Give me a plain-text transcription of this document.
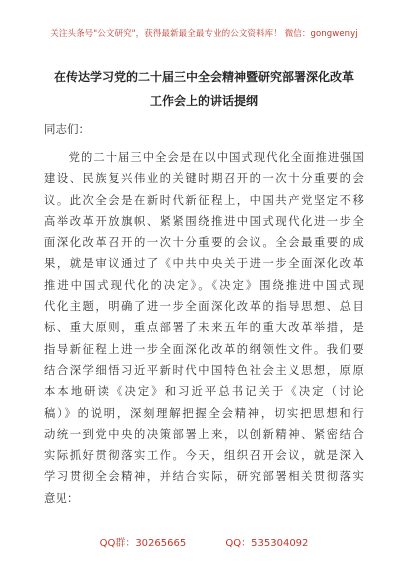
关注头条号"公文研究"，获得最新最全最专业的公文资料库！ 微信：gongwenyj
在传达学习党的二十届三中全会精神暨研究部署深化改革
工作会上的讲话提纲
同志们：
　　党的二十届三中全会是在以中国式现代化全面推进强国
建设、民族复兴伟业的关键时期召开的一次十分重要的会
议。此次全会是在新时代新征程上，中国共产党坚定不移
高举改革开放旗帜、紧紧围绕推进中国式现代化进一步全
面深化改革召开的一次十分重要的会议。全会最重要的成
果，就是审议通过了《中共中央关于进一步全面深化改革
推进中国式现代化的决定》。《决定》围绕推进中国式现
代化主题，明确了进一步全面深化改革的指导思想、总目
标、重大原则，重点部署了未来五年的重大改革举措，是
指导新征程上进一步全面深化改革的纲领性文件。我们要
结合深学细悟习近平新时代中国特色社会主义思想，原原
本本地研读《决定》和习近平总书记关于《决定（讨论
稿）》的说明，深刻理解把握全会精神，切实把思想和行
动统一到党中央的决策部署上来，以创新精神、紧密结合
实际抓好贯彻落实工作。今天，组织召开会议，就是深入
学习贯彻全会精神，并结合实际，研究部署相关贯彻落实
意见：
QQ群：30265665	QQ：535304092
